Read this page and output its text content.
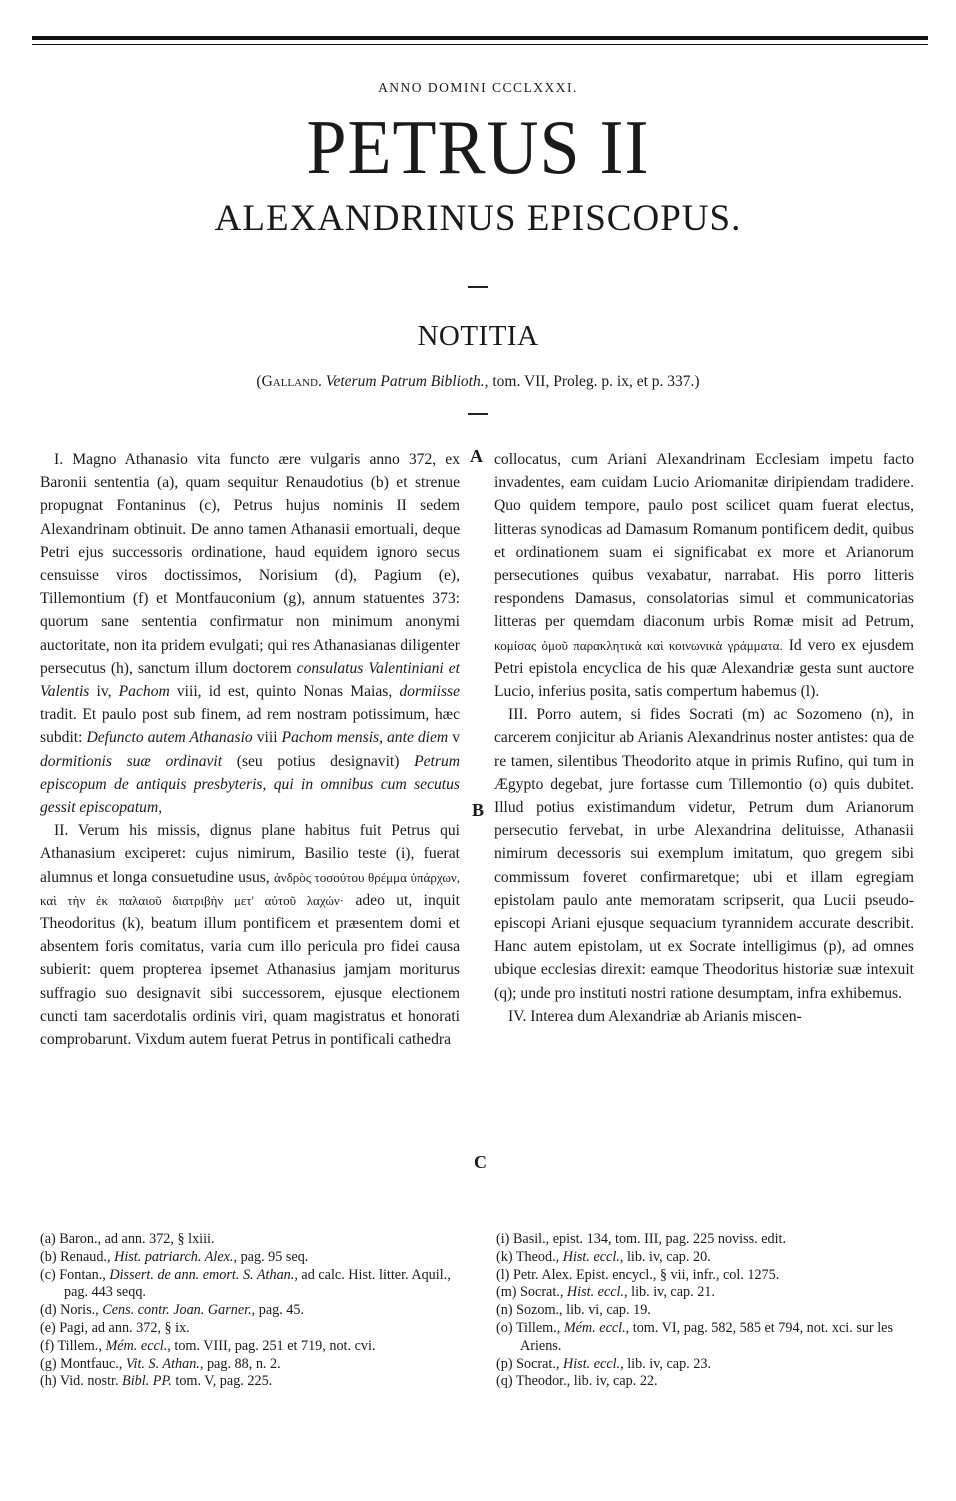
ANNO DOMINI CCCLXXXI.
PETRUS II
ALEXANDRINUS EPISCOPUS.
NOTITIA
(Galland. Veterum Patrum Biblioth., tom. VII, Proleg. p. ix, et p. 337.)
A
B
C

I. Magno Athanasio vita functo ære vulgaris anno 372, ex Baronii sententia (a), quam sequitur Renaudotius (b) et strenue propugnat Fontaninus (c), Petrus hujus nominis II sedem Alexandrinam obtinuit. De anno tamen Athanasii emortuali, deque Petri ejus successoris ordinatione, haud equidem ignoro secus censuisse viros doctissimos, Norisium (d), Pagium (e), Tillemontium (f) et Montfauconium (g), annum statuentes 373: quorum sane sententia confirmatur non minimum anonymi auctoritate, non ita pridem evulgati; qui res Athanasianas diligenter persecutus (h), sanctum illum doctorem consulatus Valentiniani et Valentis iv, Pachom viii, id est, quinto Nonas Maias, dormiisse tradit. Et paulo post sub finem, ad rem nostram potissimum, hæc subdit: Defuncto autem Athanasio viii Pachom mensis, ante diem v dormitionis suæ ordinavit (seu potius designavit) Petrum episcopum de antiquis presbyteris, qui in omnibus cum secutus gessit episcopatum,

II. Verum his missis, dignus plane habitus fuit Petrus qui Athanasium exciperet: cujus nimirum, Basilio teste (i), fuerat alumnus et longa consuetudine usus, ἀνδρὸς τοσούτου θρέμμα ὑπάρχων, καὶ τὴν ἐκ παλαιοῦ διατριβὴν μετ' αὐτοῦ λαχών· adeo ut, inquit Theodoritus (k), beatum illum pontificem et præsentem domi et absentem foris comitatus, varia cum illo pericula pro fidei causa subierit: quem propterea ipsemet Athanasius jamjam moriturus suffragio suo designavit sibi successorem, ejusque electionem cuncti tam sacerdotalis ordinis viri, quam magistratus et honorati comprobarunt. Vixdum autem fuerat Petrus in pontificali cathedra

collocatus, cum Ariani Alexandrinam Ecclesiam impetu facto invadentes, eam cuidam Lucio Ariomanitæ diripiendam tradidere. Quo quidem tempore, paulo post scilicet quam fuerat electus, litteras synodicas ad Damasum Romanum pontificem dedit, quibus et ordinationem suam ei significabat ex more et Arianorum persecutiones quibus vexabatur, narrabat. His porro litteris respondens Damasus, consolatorias simul et communicatorias litteras per quemdam diaconum urbis Romæ misit ad Petrum, κομίσας ὁμοῦ παρακλητικὰ καὶ κοινωνικὰ γράμματα. Id vero ex ejusdem Petri epistola encyclica de his quæ Alexandriæ gesta sunt auctore Lucio, inferius posita, satis compertum habemus (l).

III. Porro autem, si fides Socrati (m) ac Sozomeno (n), in carcerem conjicitur ab Arianis Alexandrinus noster antistes: qua de re tamen, silentibus Theodorito atque in primis Rufino, qui tum in Ægypto degebat, jure fortasse cum Tillemontio (o) quis dubitet. Illud potius existimandum videtur, Petrum dum Arianorum persecutio fervebat, in urbe Alexandrina delituisse, Athanasii nimirum decessoris sui exemplum imitatum, quo gregem sibi commissum foveret confirmaretque; ubi et illam egregiam epistolam paulo ante memoratam scripserit, qua Lucii pseudo-episcopi Ariani ejusque sequacium tyrannidem accurate describit. Hanc autem epistolam, ut ex Socrate intelligimus (p), ad omnes ubique ecclesias direxit: eamque Theodoritus historiæ suæ intexuit (q); unde pro instituti nostri ratione desumptam, infra exhibemus.

IV. Interea dum Alexandriæ ab Arianis miscen-

(a) Baron., ad ann. 372, § lxiii.

(b) Renaud., Hist. patriarch. Alex., pag. 95 seq.

(c) Fontan., Dissert. de ann. emort. S. Athan., ad calc. Hist. litter. Aquil., pag. 443 seqq.

(d) Noris., Cens. contr. Joan. Garner., pag. 45.

(e) Pagi, ad ann. 372, § ix.

(f) Tillem., Mém. eccl., tom. VIII, pag. 251 et 719, not. cvi.

(g) Montfauc., Vit. S. Athan., pag. 88, n. 2.

(h) Vid. nostr. Bibl. PP. tom. V, pag. 225.

(i) Basil., epist. 134, tom. III, pag. 225 noviss. edit.

(k) Theod., Hist. eccl., lib. iv, cap. 20.

(l) Petr. Alex. Epist. encycl., § vii, infr., col. 1275.

(m) Socrat., Hist. eccl., lib. iv, cap. 21.

(n) Sozom., lib. vi, cap. 19.

(o) Tillem., Mém. eccl., tom. VI, pag. 582, 585 et 794, not. xci. sur les Ariens.

(p) Socrat., Hist. eccl., lib. iv, cap. 23.

(q) Theodor., lib. iv, cap. 22.
